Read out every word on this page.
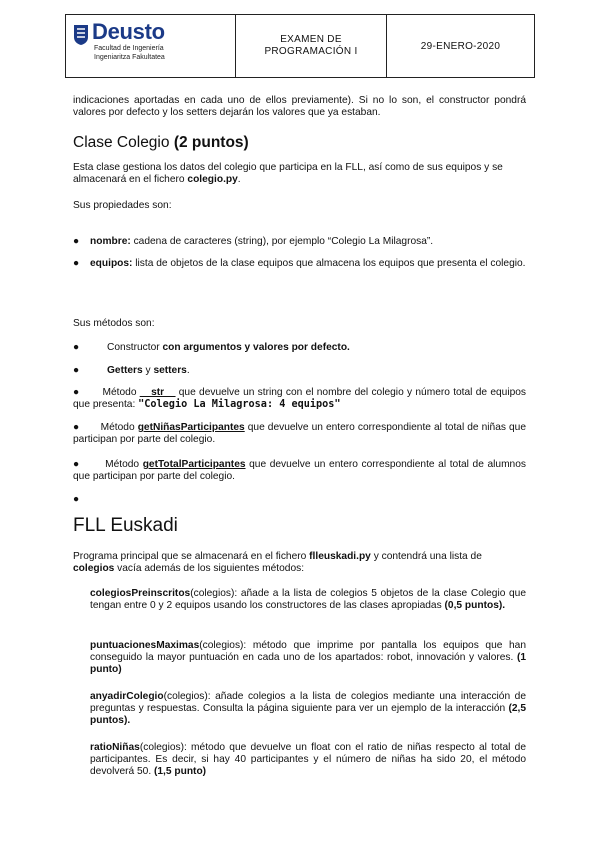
Deusto
Facultad de Ingeniería
Ingeniaritza Fakultatea

EXAMEN DE
PROGRAMACIÓN I	29-ENERO-2020
indicaciones aportadas en cada uno de ellos previamente). Si no lo son, el constructor pondrá valores por defecto y los setters dejarán los valores que ya estaban.
Clase Colegio (2 puntos)
Esta clase gestiona los datos del colegio que participa en la FLL, así como de sus equipos y se almacenará en el fichero colegio.py.
Sus propiedades son:
● nombre: cadena de caracteres (string), por ejemplo “Colegio La Milagrosa”.
● equipos: lista de objetos de la clase equipos que almacena los equipos que presenta el colegio.
Sus métodos son:
●	Constructor con argumentos y valores por defecto.
●	Getters y setters.
● Método __str__ que devuelve un string con el nombre del colegio y número total de equipos que presenta: "Colegio La Milagrosa: 4 equipos"
● Método getNiñasParticipantes que devuelve un entero correspondiente al total de niñas que participan por parte del colegio.
● Método getTotalParticipantes que devuelve un entero correspondiente al total de alumnos que participan por parte del colegio.
●
FLL Euskadi
Programa principal que se almacenará en el fichero flleuskadi.py y contendrá una lista de colegios vacía además de los siguientes métodos:
colegiosPreinscritos(colegios): añade a la lista de colegios 5 objetos de la clase Colegio que tengan entre 0 y 2 equipos usando los constructores de las clases apropiadas (0,5 puntos).
puntuacionesMaximas(colegios): método que imprime por pantalla los equipos que han conseguido la mayor puntuación en cada uno de los apartados: robot, innovación y valores. (1 punto)
anyadirColegio(colegios): añade colegios a la lista de colegios mediante una interacción de preguntas y respuestas. Consulta la página siguiente para ver un ejemplo de la interacción (2,5 puntos).
ratioNiñas(colegios): método que devuelve un float con el ratio de niñas respecto al total de participantes. Es decir, si hay 40 participantes y el número de niñas ha sido 20, el método devolverá 50. (1,5 punto)
